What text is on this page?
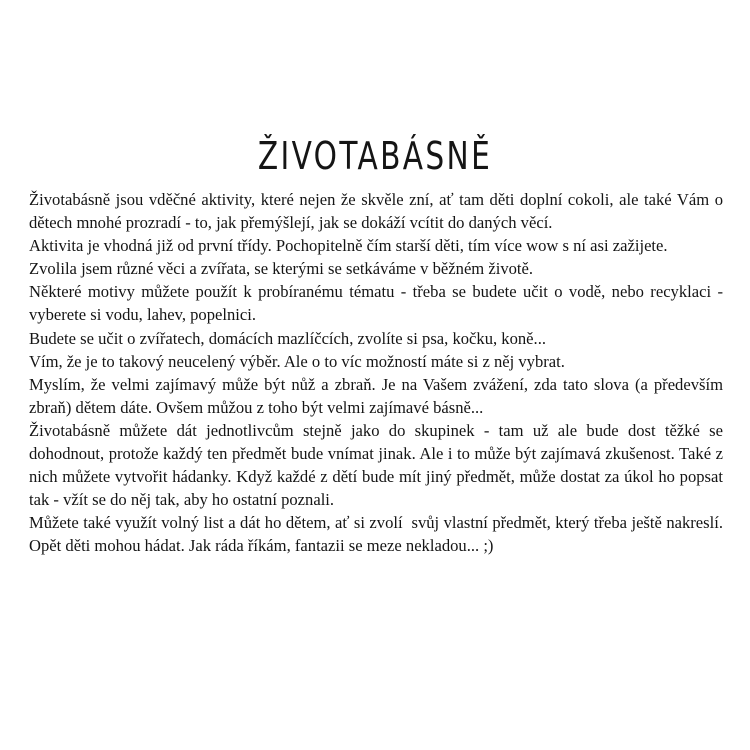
ŽIVOTABÁSNĚ

Životabásně jsou vděčné aktivity, které nejen že skvěle zní, ať tam děti doplní cokoli, ale také Vám o dětech mnohé prozradí - to, jak přemýšlejí, jak se dokáží vcítit do daných věcí.

Aktivita je vhodná již od první třídy. Pochopitelně čím starší děti, tím více wow s ní asi zažijete.

Zvolila jsem různé věci a zvířata, se kterými se setkáváme v běžném životě.

Některé motivy můžete použít k probíranému tématu - třeba se budete učit o vodě, nebo recyklaci - vyberete si vodu, lahev, popelnici.

Budete se učit o zvířatech, domácích mazlíčcích, zvolíte si psa, kočku, koně...

Vím, že je to takový neucelený výběr. Ale o to víc možností máte si z něj vybrat.

Myslím, že velmi zajímavý může být nůž a zbraň. Je na Vašem zvážení, zda tato slova (a především zbraň) dětem dáte. Ovšem můžou z toho být velmi zajímavé básně...

Životabásně můžete dát jednotlivcům stejně jako do skupinek - tam už ale bude dost těžké se dohodnout, protože každý ten předmět bude vnímat jinak. Ale i to může být zajímavá zkušenost. Také z nich můžete vytvořit hádanky. Když každé z dětí bude mít jiný předmět, může dostat za úkol ho popsat tak - vžít se do něj tak, aby ho ostatní poznali.

Můžete také využít volný list a dát ho dětem, ať si zvolí  svůj vlastní předmět, který třeba ještě nakreslí. Opět děti mohou hádat. Jak ráda říkám, fantazii se meze nekladou... ;)
